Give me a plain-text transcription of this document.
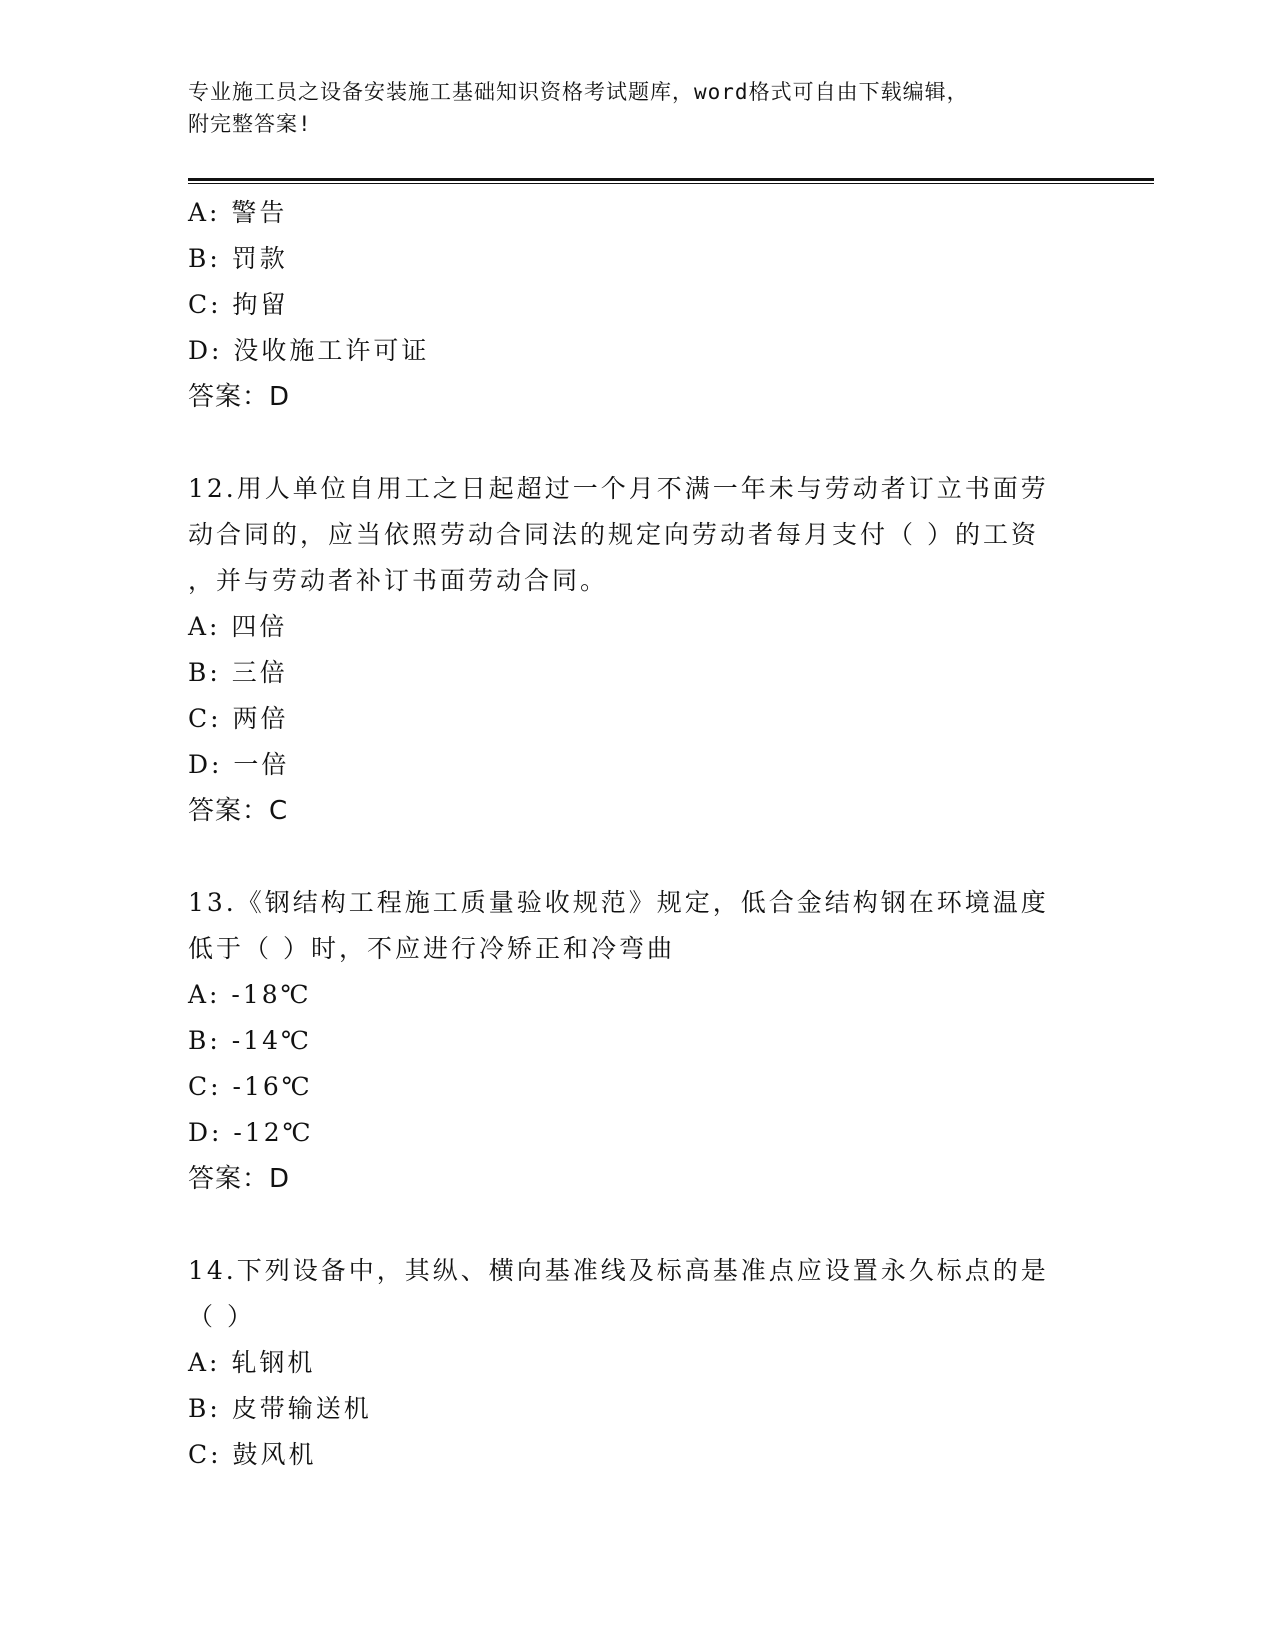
专业施工员之设备安装施工基础知识资格考试题库，word格式可自由下载编辑，
附完整答案!
A: 警告
B: 罚款
C: 拘留
D: 没收施工许可证
答案：D
12.用人单位自用工之日起超过一个月不满一年未与劳动者订立书面劳
动合同的，应当依照劳动合同法的规定向劳动者每月支付（ ）的工资
，并与劳动者补订书面劳动合同。
A: 四倍
B: 三倍
C: 两倍
D: 一倍
答案：C
13.《钢结构工程施工质量验收规范》规定，低合金结构钢在环境温度
低于（ ）时，不应进行冷矫正和冷弯曲
A: -18℃
B: -14℃
C: -16℃
D: -12℃
答案：D
14.下列设备中，其纵、横向基准线及标高基准点应设置永久标点的是
（ ）
A: 轧钢机
B: 皮带输送机
C: 鼓风机
